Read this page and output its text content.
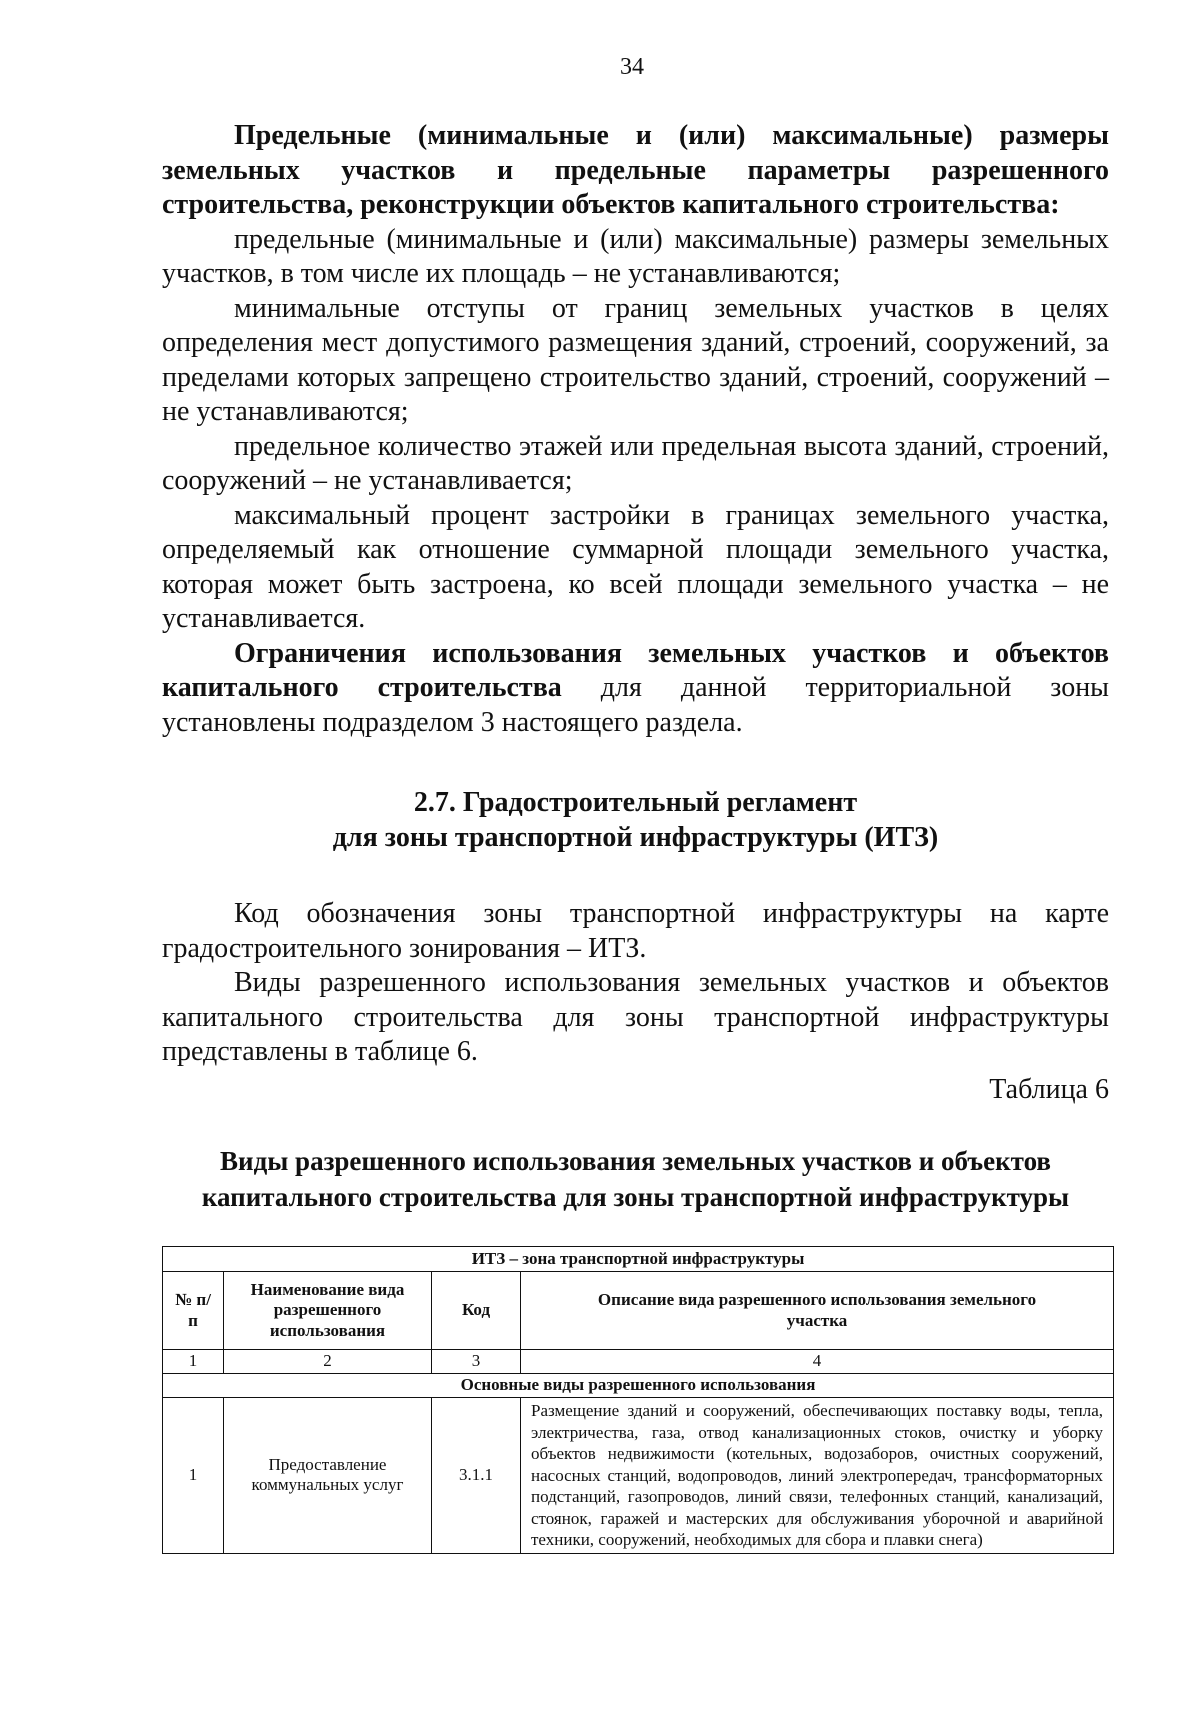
34

Предельные (минимальные и (или) максимальные) размеры земельных участков и предельные параметры разрешенного строительства, реконструкции объектов капитального строительства:

предельные (минимальные и (или) максимальные) размеры земельных участков, в том числе их площадь – не устанавливаются;

минимальные отступы от границ земельных участков в целях определения мест допустимого размещения зданий, строений, сооружений, за пределами которых запрещено строительство зданий, строений, сооружений – не устанавливаются;

предельное количество этажей или предельная высота зданий, строений, сооружений – не устанавливается;

максимальный процент застройки в границах земельного участка, определяемый как отношение суммарной площади земельного участка, которая может быть застроена, ко всей площади земельного участка – не устанавливается.

Ограничения использования земельных участков и объектов капитального строительства для данной территориальной зоны установлены подразделом 3 настоящего раздела.

2.7. Градостроительный регламент

для зоны транспортной инфраструктуры (ИТЗ)

Код обозначения зоны транспортной инфраструктуры на карте градостроительного зонирования – ИТЗ.

Виды разрешенного использования земельных участков и объектов капитального строительства для зоны транспортной инфраструктуры представлены в таблице 6.

Таблица 6

Виды разрешенного использования земельных участков и объектов

капитального строительства для зоны транспортной инфраструктуры

ИТЗ – зона транспортной инфраструктуры			
№ п/п	Наименование вида разрешенного использования	Код	Описание вида разрешенного использования земельного участка
1	2	3	4
Основные виды разрешенного использования			
1	Предоставление коммунальных услуг	3.1.1	Размещение зданий и сооружений, обеспечивающих поставку воды, тепла, электричества, газа, отвод канализационных стоков, очистку и уборку объектов недвижимости (котельных, водозаборов, очистных сооружений, насосных станций, водопроводов, линий электропередач, трансформаторных подстанций, газопроводов, линий связи, телефонных станций, канализаций, стоянок, гаражей и мастерских для обслуживания уборочной и аварийной техники, сооружений, необходимых для сбора и плавки снега)
